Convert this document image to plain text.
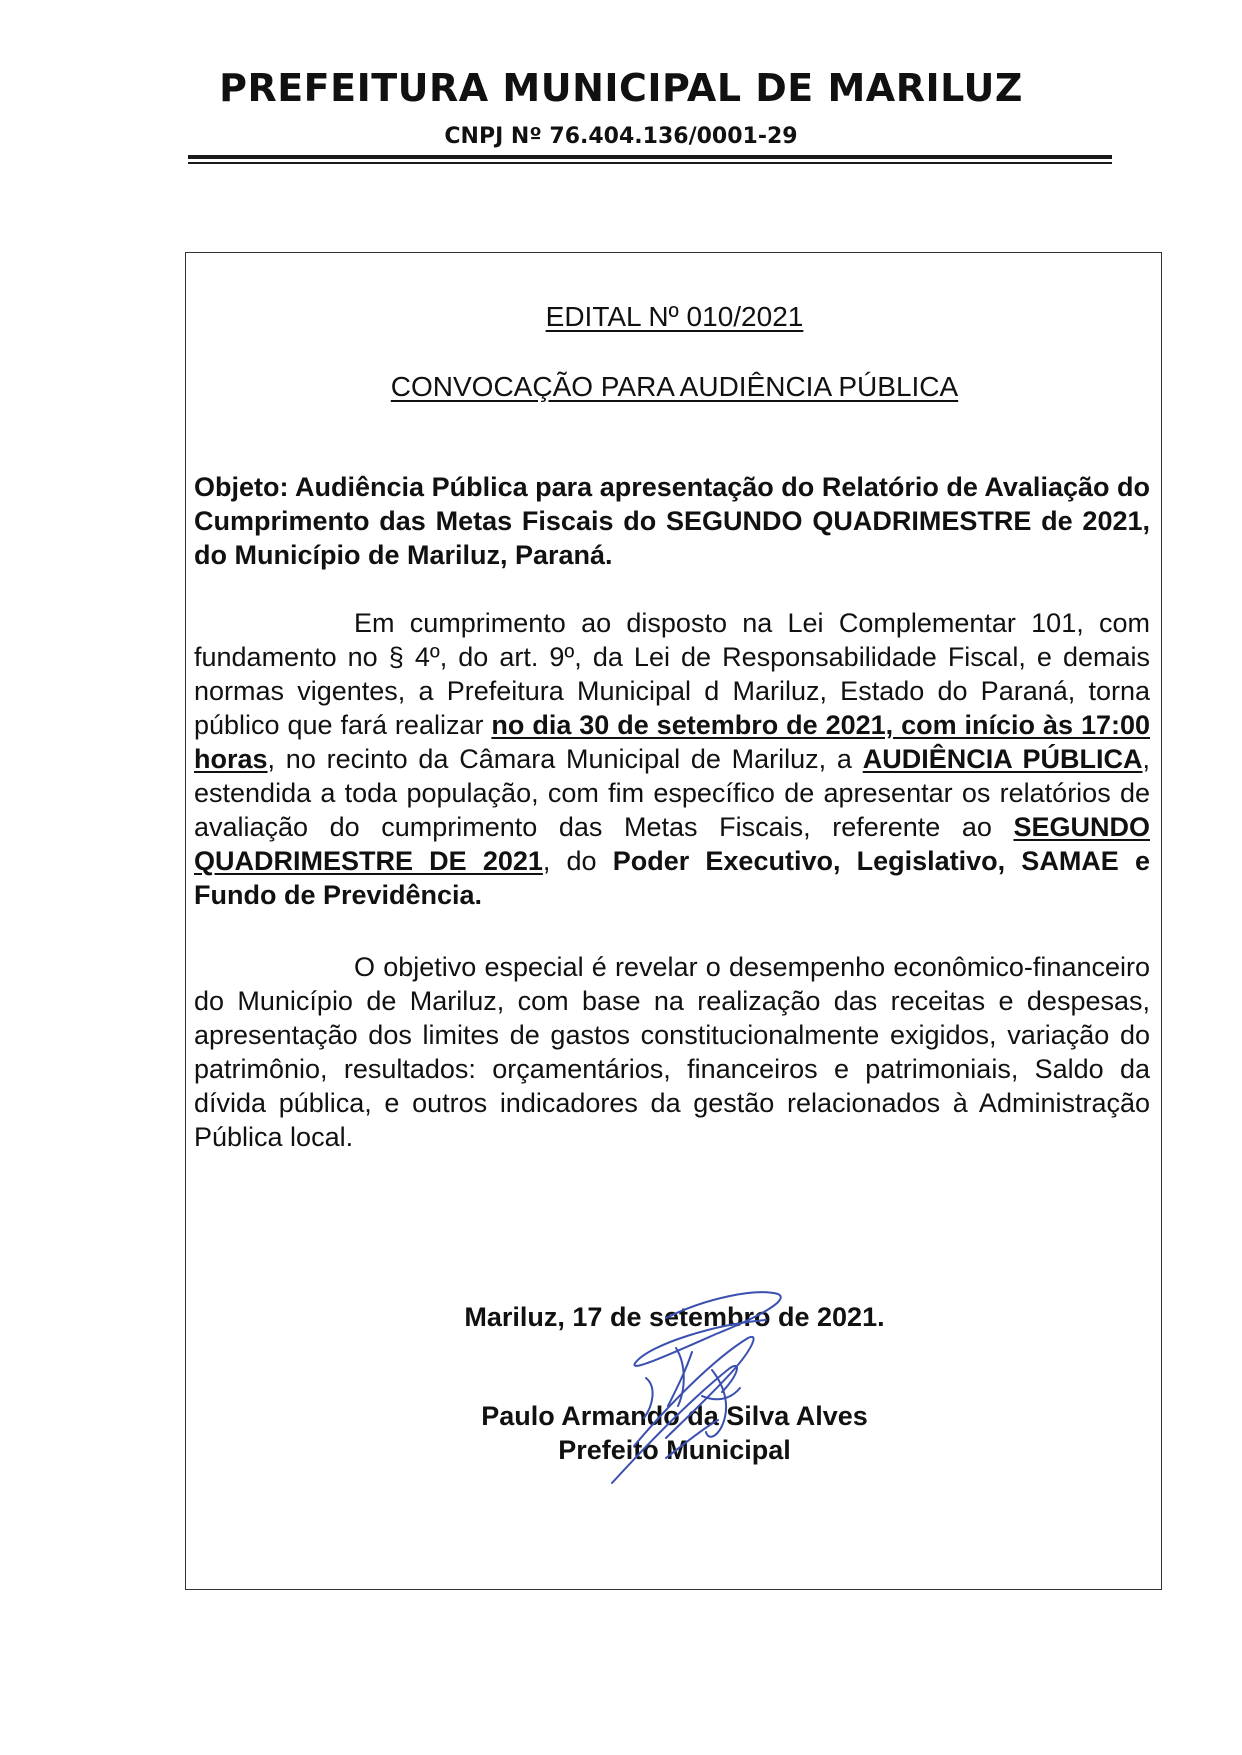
PREFEITURA MUNICIPAL DE MARILUZ

CNPJ Nº 76.404.136/0001-29

EDITAL Nº 010/2021

CONVOCAÇÃO PARA AUDIÊNCIA PÚBLICA

Objeto: Audiência Pública para apresentação do Relatório de Avaliação do Cumprimento das Metas Fiscais do SEGUNDO QUADRIMESTRE de 2021, do Município de Mariluz, Paraná.

Em cumprimento ao disposto na Lei Complementar 101, com fundamento no § 4º, do art. 9º, da Lei de Responsabilidade Fiscal, e demais normas vigentes, a Prefeitura Municipal d Mariluz, Estado do Paraná, torna público que fará realizar no dia 30 de setembro de 2021, com início às 17:00 horas, no recinto da Câmara Municipal de Mariluz, a AUDIÊNCIA PÚBLICA, estendida a toda população, com fim específico de apresentar os relatórios de avaliação do cumprimento das Metas Fiscais, referente ao SEGUNDO QUADRIMESTRE DE 2021, do Poder Executivo, Legislativo, SAMAE e Fundo de Previdência.

O objetivo especial é revelar o desempenho econômico-financeiro do Município de Mariluz, com base na realização das receitas e despesas, apresentação dos limites de gastos constitucionalmente exigidos, variação do patrimônio, resultados: orçamentários, financeiros e patrimoniais, Saldo da dívida pública, e outros indicadores da gestão relacionados à Administração Pública local.

Mariluz, 17 de setembro de 2021.

Paulo Armando da Silva Alves

Prefeito Municipal
